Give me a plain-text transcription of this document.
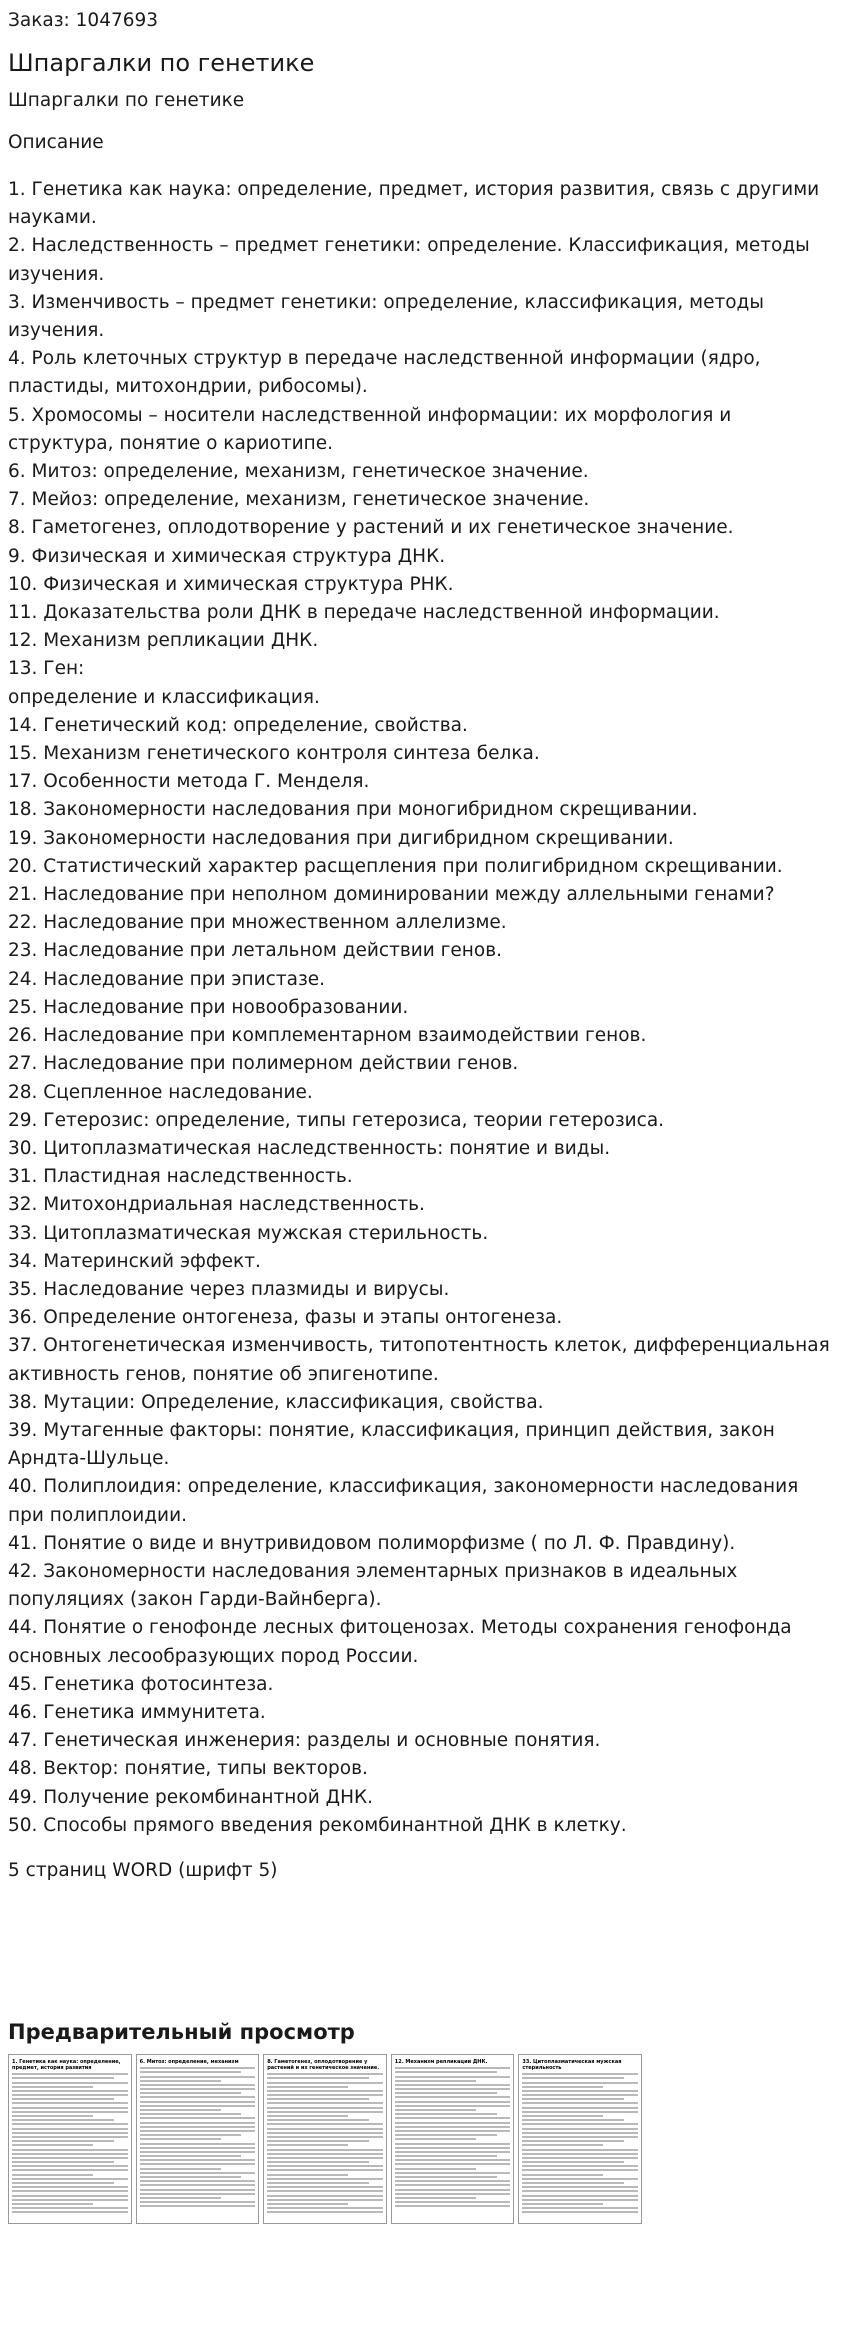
Заказ: 1047693

Шпаргалки по генетике

Шпаргалки по генетике

Описание

1. Генетика как наука: определение, предмет, история развития, связь с другими науками.
2. Наследственность – предмет генетики: определение. Классификация, методы изучения.
3. Изменчивость – предмет генетики: определение, классификация, методы изучения.
4. Роль клеточных структур в передаче наследственной информации (ядро, пластиды, митохондрии, рибосомы).
5. Хромосомы – носители наследственной информации: их морфология и структура, понятие о кариотипе.
6. Митоз: определение, механизм, генетическое значение.
7. Мейоз: определение, механизм, генетическое значение.
8. Гаметогенез, оплодотворение у растений и их генетическое значение.
9. Физическая и химическая структура ДНК.
10. Физическая и химическая структура РНК.
11. Доказательства роли ДНК в передаче наследственной информации.
12. Механизм репликации ДНК.
13. Ген:
определение и классификация.
14. Генетический код: определение, свойства.
15. Механизм генетического контроля синтеза белка.
17. Особенности метода Г. Менделя.
18. Закономерности наследования при моногибридном скрещивании.
19. Закономерности наследования при дигибридном скрещивании.
20. Статистический характер расщепления при полигибридном скрещивании.
21. Наследование при неполном доминировании между аллельными генами?
22. Наследование при множественном аллелизме.
23. Наследование при летальном действии генов.
24. Наследование при эпистазе.
25. Наследование при новообразовании.
26. Наследование при комплементарном взаимодействии генов.
27. Наследование при полимерном действии генов.
28. Сцепленное наследование.
29. Гетерозис: определение, типы гетерозиса, теории гетерозиса.
30. Цитоплазматическая наследственность: понятие и виды.
31. Пластидная наследственность.
32. Митохондриальная наследственность.
33. Цитоплазматическая мужская стерильность.
34. Материнский эффект.
35. Наследование через плазмиды и вирусы.
36. Определение онтогенеза, фазы и этапы онтогенеза.
37. Онтогенетическая изменчивость, титопотентность клеток, дифференциальная активность генов, понятие об эпигенотипе.
38. Мутации: Определение, классификация, свойства.
39. Мутагенные факторы: понятие, классификация, принцип действия, закон Арндта-Шульце.
40. Полиплоидия: определение, классификация, закономерности наследования при полиплоидии.
41. Понятие о виде и внутривидовом полиморфизме ( по Л. Ф. Правдину).
42. Закономерности наследования элементарных признаков в идеальных популяциях (закон Гарди-Вайнберга).
44. Понятие о генофонде лесных фитоценозах. Методы сохранения генофонда основных лесообразующих пород России.
45. Генетика фотосинтеза.
46. Генетика иммунитета.
47. Генетическая инженерия: разделы и основные понятия.
48. Вектор: понятие, типы векторов.
49. Получение рекомбинантной ДНК.
50. Способы прямого введения рекомбинантной ДНК в клетку.

5 страниц WORD (шрифт 5)

Предварительный просмотр
1. Генетика как наука: определение, предмет, история развития
6. Митоз: определение, механизм	8. Гаметогенез, оплодотворение у растений и их генетическое значение.
12. Механизм репликации ДНК.	33. Цитоплазматическая мужская стерильность
